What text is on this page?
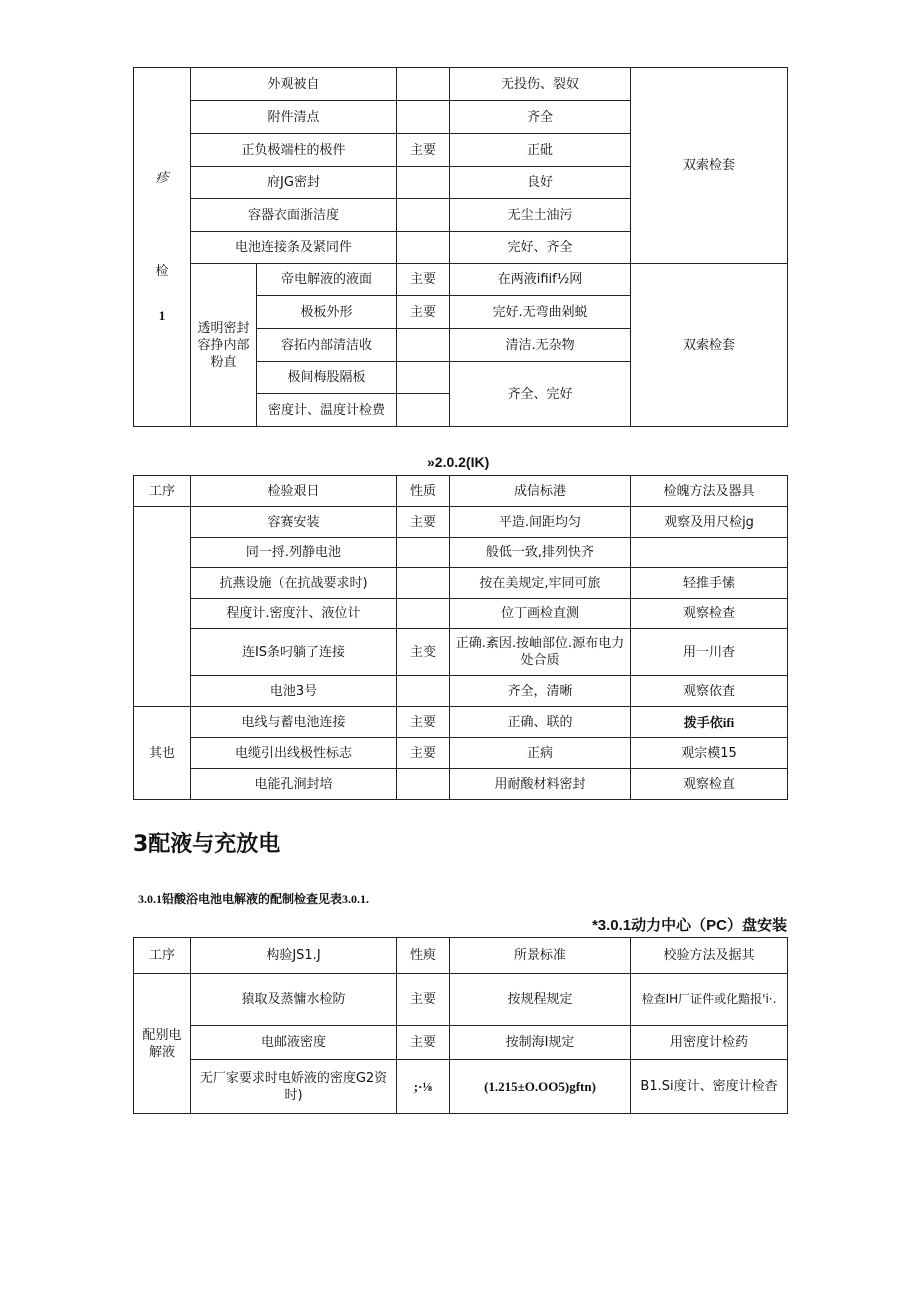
疹
检
1	外观被自			无投伤、裂奴	双索检套
	附件清点			齐全	
	正负极端柱的极件		主要	正砒	
	府JG密封			良好	
	容器衣面浙洁度			无尘土油污	
	电池连接条及紧同件			完好、齐全	
	透明密封容挣内部粉直	帝电解液的液面	主要	在两液ifiif½网	双索检套
		极板外形	主要	完好.无弯曲剁蜕	
		容拓内部清洁收		清洁.无杂物	
		极间梅股隔板		齐全、完好	
		密度计、温度计检费			
»2.0.2(IK)
工序	检验艰日	性质	成信标港	检魄方法及器具
	容赛安装	主要	平造.间距均匀	观察及用尺检jg
	同一捋.列静电池		般低一致,排列快齐	
	抗燕设施（在抗战要求时)		按在美规定,牢同可旅	轻推手愫
	程度计.密度汁、液位计		位丁画检直测	观察检查
	连IS条叼躺了连接	主变	正确.紊因.按岫部位.源布电力处合质	用一川杳
	电池3号		齐全，清晰	观察依査
其也	电线与蓄电池连接	主要	正确、联的	拨手依ifi
	电缆引出线极性标志	主要	正病	观宗模15
	电能孔涧封培		用耐酸材料密封	观察检直
3配液与充放电
3.0.1铅酸浴电池电解液的配制检查见表3.0.1.
*3.0.1动力中心（PC）盘安装
工序	构验JS1.J	性庾	所景标准	校验方法及据其
配别电解液	猿取及蒸慵水检防	主要	按规程规定	检查IH厂证件或化黯报'i·.
	电邮液密度	主要	按制海I规定	用密度计检药
	无厂家要求时电娇液的密度G2资时)	;·⅛	(1.215±O.OO5)gftn)	B1.Si度计、密度计检杳
